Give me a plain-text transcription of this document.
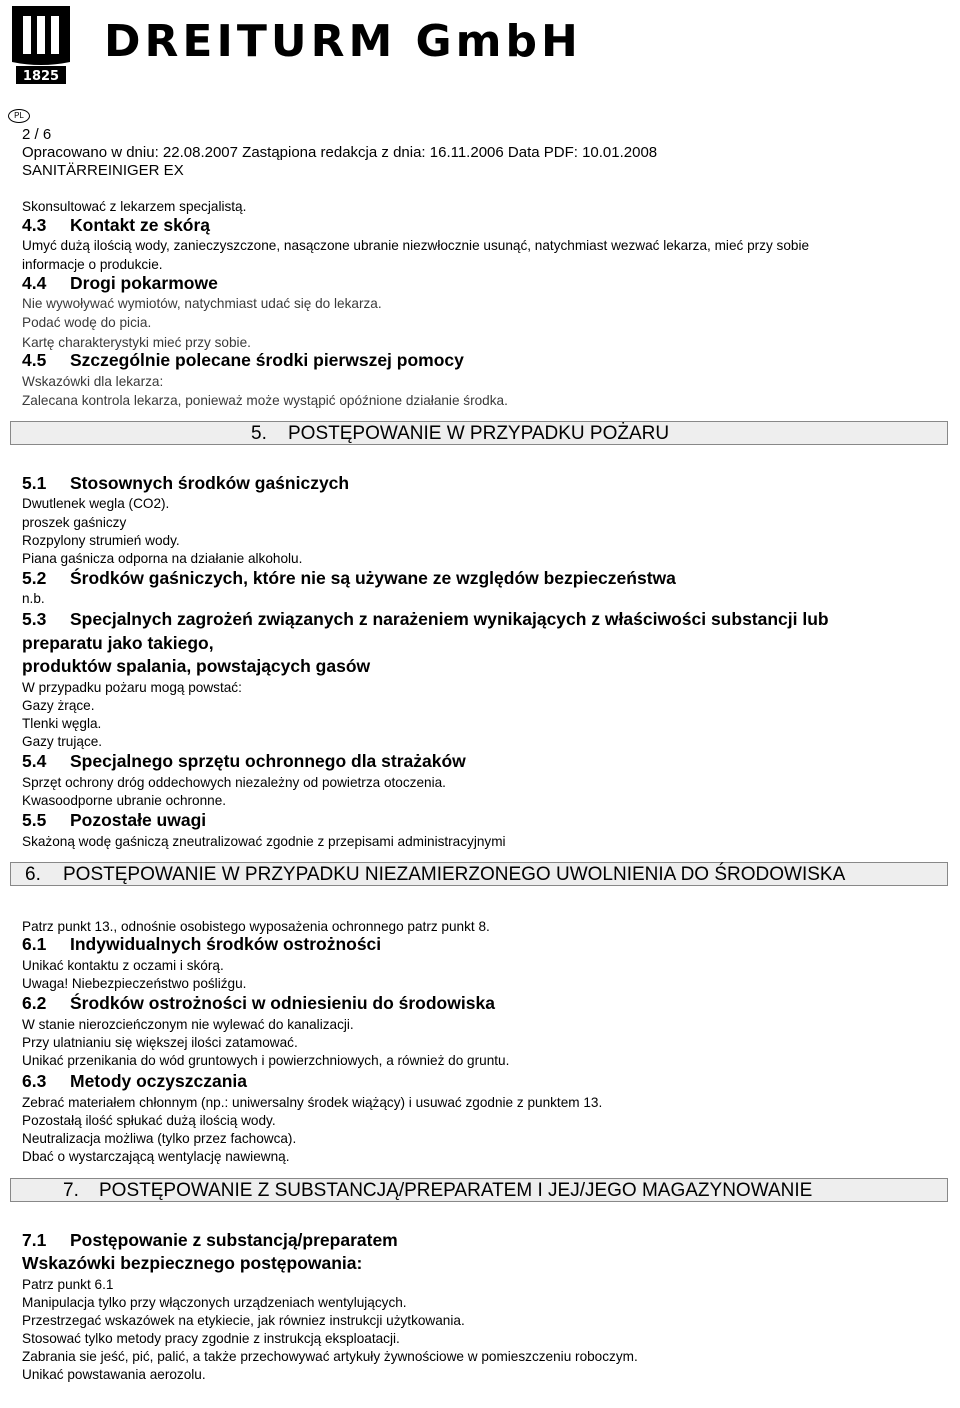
1825
DREITURM GmbH
PL
2 / 6
Opracowano w dniu: 22.08.2007 Zastąpiona redakcja z dnia: 16.11.2006 Data PDF: 10.01.2008
SANITÄRREINIGER EX
Skonsultować z lekarzem specjalistą.
4.3 Kontakt ze skórą
Umyć dużą ilością wody, zanieczyszczone, nasączone ubranie niezwłocznie usunąć, natychmiast wezwać lekarza, mieć przy sobie
informacje o produkcie.
4.4 Drogi pokarmowe
Nie wywoływać wymiotów, natychmiast udać się do lekarza.
Podać wodę do picia.
Kartę charakterystyki mieć przy sobie.
4.5 Szczególnie polecane środki pierwszej pomocy
Wskazówki dla lekarza:
Zalecana kontrola lekarza, ponieważ może wystąpić opóźnione działanie środka.
5. POSTĘPOWANIE W PRZYPADKU POŻARU
5.1 Stosownych środków gaśniczych
Dwutlenek wegla (CO2).
proszek gaśniczy
Rozpylony strumień wody.
Piana gaśnicza odporna na działanie alkoholu.
5.2 Środków gaśniczych, które nie są używane ze względów bezpieczeństwa
n.b.
5.3 Specjalnych zagrożeń związanych z narażeniem wynikających z właściwości substancji lub
preparatu jako takiego,
produktów spalania, powstających gasów
W przypadku pożaru mogą powstać:
Gazy żrące.
Tlenki węgla.
Gazy trujące.
5.4 Specjalnego sprzętu ochronnego dla strażaków
Sprzęt ochrony dróg oddechowych niezależny od powietrza otoczenia.
Kwasoodporne ubranie ochronne.
5.5 Pozostałe uwagi
Skażoną wodę gaśniczą zneutralizować zgodnie z przepisami administracyjnymi
6. POSTĘPOWANIE W PRZYPADKU NIEZAMIERZONEGO UWOLNIENIA DO ŚRODOWISKA
Patrz punkt 13., odnośnie osobistego wyposażenia ochronnego patrz punkt 8.
6.1 Indywidualnych środków ostrożności
Unikać kontaktu z oczami i skórą.
Uwaga! Niebezpieczeństwo pośliźgu.
6.2 Środków ostrożności w odniesieniu do środowiska
W stanie nierozcieńczonym nie wylewać do kanalizacji.
Przy ulatnianiu się większej ilości zatamować.
Unikać przenikania do wód gruntowych i powierzchniowych, a również do gruntu.
6.3 Metody oczyszczania
Zebrać materiałem chłonnym (np.: uniwersalny środek wiążący) i usuwać zgodnie z punktem 13.
Pozostałą ilość spłukać dużą ilością wody.
Neutralizacja możliwa (tylko przez fachowca).
Dbać o wystarczającą wentylację nawiewną.
7. POSTĘPOWANIE Z SUBSTANCJĄ/PREPARATEM I JEJ/JEGO MAGAZYNOWANIE
7.1 Postępowanie z substancją/preparatem
Wskazówki bezpiecznego postępowania:
Patrz punkt 6.1
Manipulacja tylko przy włączonych urządzeniach wentylujących.
Przestrzegać wskazówek na etykiecie, jak równiez instrukcji użytkowania.
Stosować tylko metody pracy zgodnie z instrukcją eksploatacji.
Zabrania sie jeść, pić, palić, a także przechowywać artykuły żywnościowe w pomieszczeniu roboczym.
Unikać powstawania aerozolu.
